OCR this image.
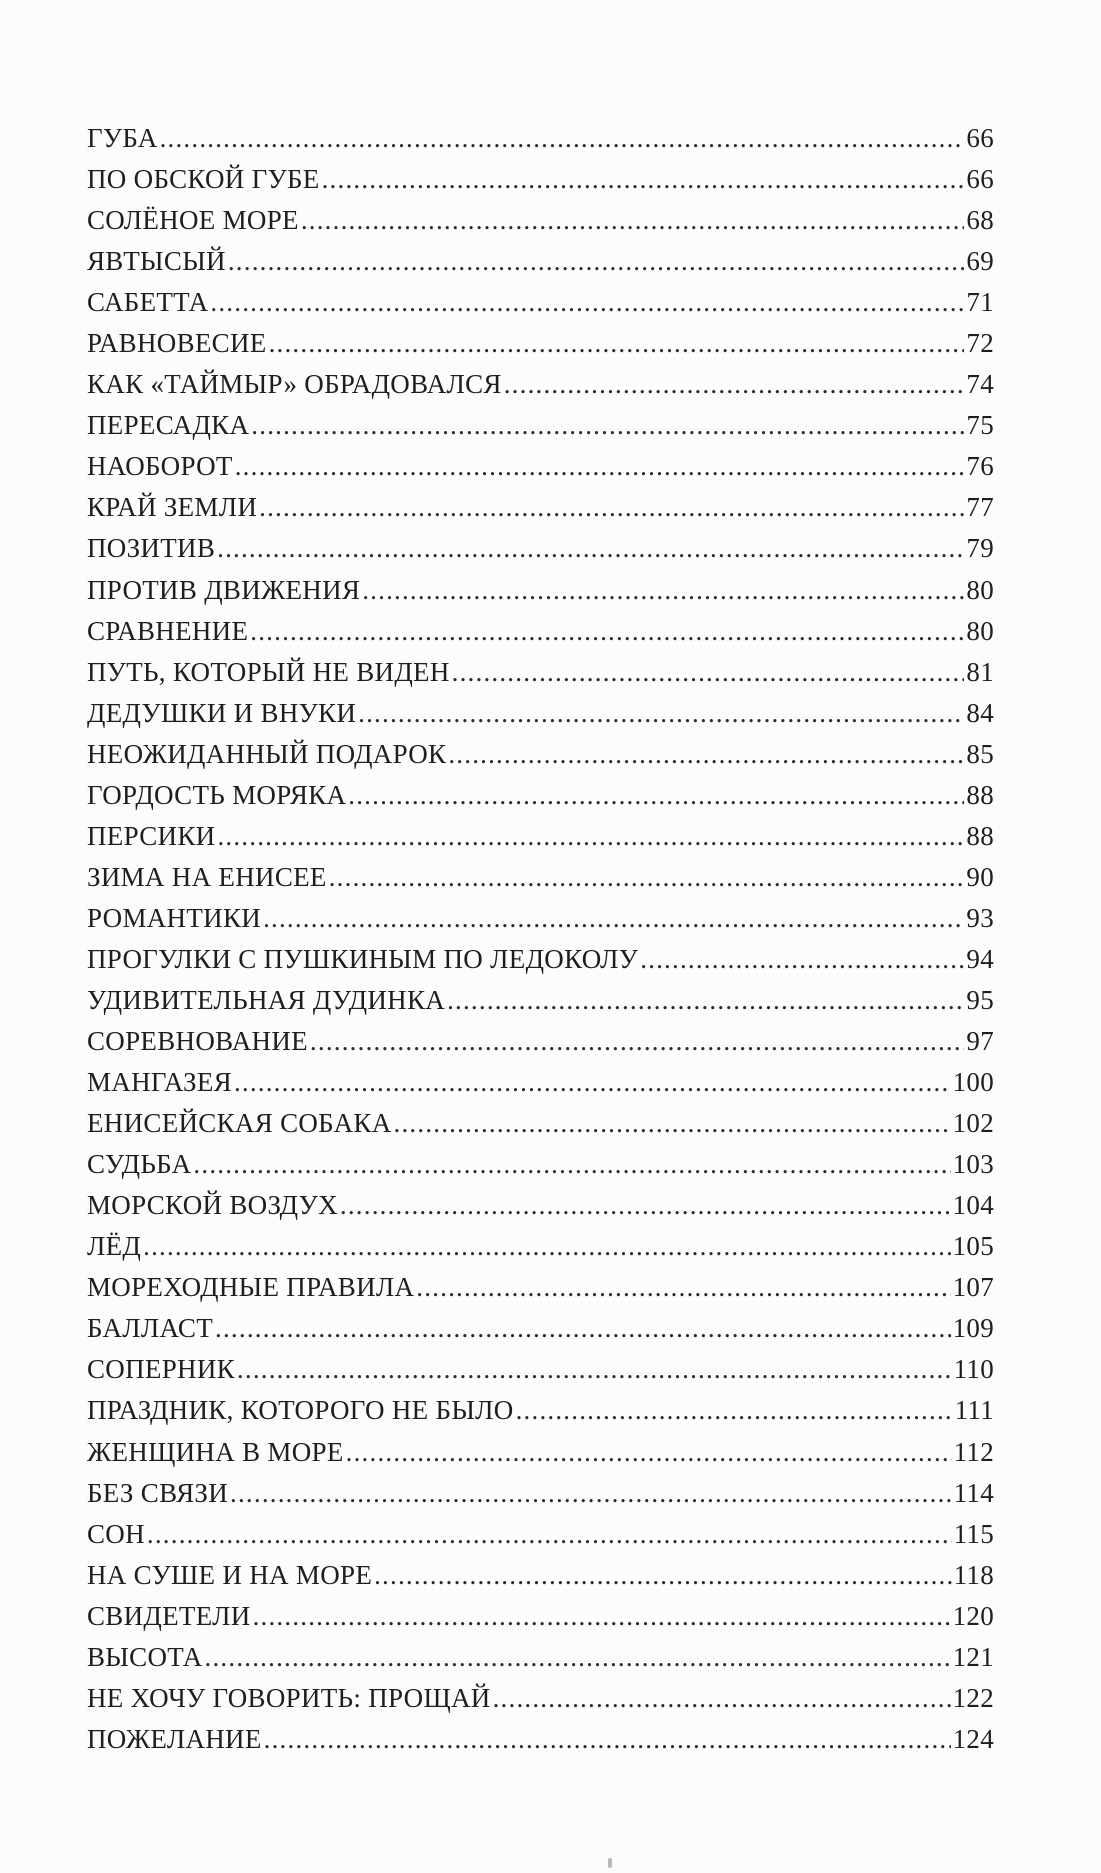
ГУБА .....	66
ПО ОБСКОЙ ГУБЕ .....	66
СОЛЁНОЕ МОРЕ .....	68
ЯВТЫСЫЙ .....	69
САБЕТТА .....	71
РАВНОВЕСИЕ .....	72
КАК «ТАЙМЫР» ОБРАДОВАЛСЯ .....	74
ПЕРЕСАДКА .....	75
НАОБОРОТ .....	76
КРАЙ ЗЕМЛИ .....	77
ПОЗИТИВ .....	79
ПРОТИВ ДВИЖЕНИЯ .....	80
СРАВНЕНИЕ .....	80
ПУТЬ, КОТОРЫЙ НЕ ВИДЕН .....	81
ДЕДУШКИ И ВНУКИ .....	84
НЕОЖИДАННЫЙ ПОДАРОК .....	85
ГОРДОСТЬ МОРЯКА .....	88
ПЕРСИКИ .....	88
ЗИМА НА ЕНИСЕЕ .....	90
РОМАНТИКИ .....	93
ПРОГУЛКИ С ПУШКИНЫМ ПО ЛЕДОКОЛУ .....	94
УДИВИТЕЛЬНАЯ ДУДИНКА .....	95
СОРЕВНОВАНИЕ .....	97
МАНГАЗЕЯ .....	100
ЕНИСЕЙСКАЯ СОБАКА .....	102
СУДЬБА .....	103
МОРСКОЙ ВОЗДУХ .....	104
ЛЁД .....	105
МОРЕХОДНЫЕ ПРАВИЛА .....	107
БАЛЛАСТ .....	109
СОПЕРНИК .....	110
ПРАЗДНИК, КОТОРОГО НЕ БЫЛО .....	111
ЖЕНЩИНА В МОРЕ .....	112
БЕЗ СВЯЗИ .....	114
СОН .....	115
НА СУШЕ И НА МОРЕ .....	118
СВИДЕТЕЛИ .....	120
ВЫСОТА .....	121
НЕ ХОЧУ ГОВОРИТЬ: ПРОЩАЙ .....	122
ПОЖЕЛАНИЕ .....	124
